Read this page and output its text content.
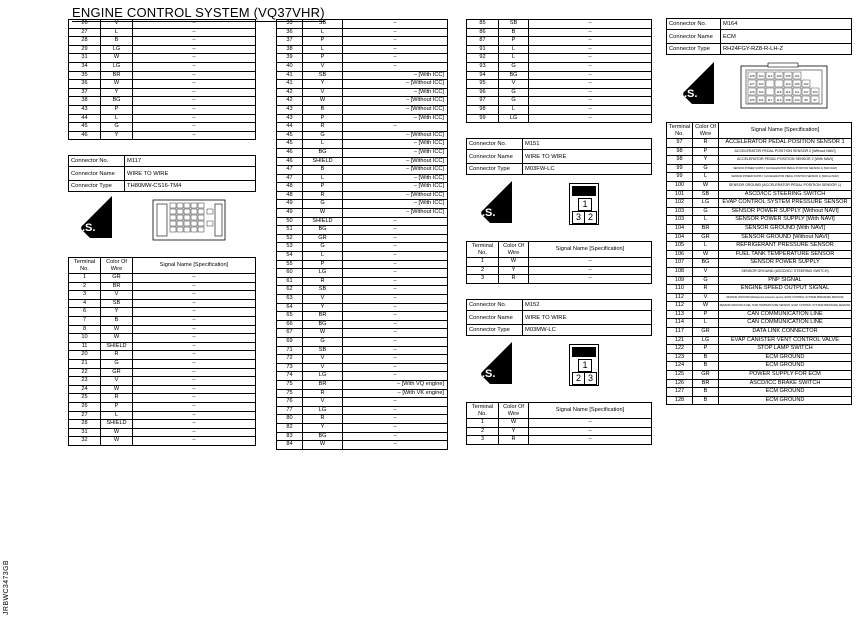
ENGINE CONTROL SYSTEM (VQ37VHR)
26	V	–
27	L	–
28	B	–
29	LG	–
31	W	–
34	LG	–
35	BR	–
36	W	–
37	Y	–
38	BG	–
43	P	–
44	L	–
45	G	–
46	Y	–
Connector No.	M117
Connector Name	WIRE TO WIRE
Connector Type	TH80MW-CS16-TM4
H.S.
Terminal No.	Color Of Wire	Signal Name [Specification]
1	GR	–
2	BR	–
3	V	–
4	SB	–
6	Y	–
7	B	–
8	W	–
10	W	–
11	SHIELD	–
20	R	–
21	G	–
22	GR	–
23	V	–
24	W	–
25	R	–
26	P	–
27	L	–
28	SHIELD	–
31	W	–
32	W	–
33	SB	–
36	L	–
37	P	–
38	L	–
39	P	–
40	V	–
41	SB	– [With ICC]
41	Y	– [Without ICC]
42	V	– [With ICC]
42	W	– [Without ICC]
43	B	– [Without ICC]
43	P	– [With ICC]
44	R	–
45	G	– [Without ICC]
45	L	– [With ICC]
46	BG	– [With ICC]
46	SHIELD	– [Without ICC]
47	B	– [Without ICC]
47	L	– [With ICC]
48	P	– [With ICC]
48	R	– [Without ICC]
49	G	– [With ICC]
49	W	– [Without ICC]
50	SHIELD	–
51	BG	–
52	GR	–
53	G	–
54	L	–
55	P	–
60	LG	–
61	R	–
62	SB	–
63	V	–
64	Y	–
65	BR	–
66	BG	–
67	W	–
69	G	–
71	SB	–
72	V	–
73	V	–
74	LG	–
75	BR	– [With VQ engine]
75	R	– [With VK engine]
76	V	–
77	LG	–
80	R	–
82	Y	–
83	BG	–
84	W	–
85	SB	–
86	B	–
87	P	–
91	L	–
92	L	–
93	G	–
94	BG	–
95	V	–
96	G	–
97	G	–
98	L	–
99	LG	–
Connector No.	M151
Connector Name	WIRE TO WIRE
Connector Type	M03FW-LC
H.S.
1
3 2
Terminal No.	Color Of Wire	Signal Name [Specification]
1	W	–
2	Y	–
3	R	–
Connector No.	M152
Connector Name	WIRE TO WIRE
Connector Type	M03MW-LC
H.S.
1
2 3
Terminal No.	Color Of Wire	Signal Name [Specification]
1	W	–
2	Y	–
3	R	–
Connector No.	M164
Connector Name	ECM
Connector Type	RH24FGY-RZ8-R-LH-Z
H.S.
128 124 112 109 105 101
127 123	110 106 102
126 122	118 114 111 107 103
125 121 117 113 108 104 99 97
Terminal No.	Color Of Wire	Signal Name [Specification]
97	R	ACCELERATOR PEDAL POSITION SENSOR 1
98	P	ACCELERATOR PEDAL POSITION SENSOR 2 [Without NAVI]
98	Y	ACCELERATOR PEDAL POSITION SENSOR 2 [With NAVI]
99	G	SENSOR POWER SUPPLY (ACCELERATOR PEDAL POSITION SENSOR 1) [With NAVI]
99	L	SENSOR POWER SUPPLY (ACCELERATOR PEDAL POSITION SENSOR 1) [Without NAVI]
100	W	SENSOR GROUND (ACCELERATOR PEDAL POSITION SENSOR 1)
101	SB	ASCD/ICC STEERING SWITCH
102	LG	EVAP CONTROL SYSTEM PRESSURE SENSOR
103	G	SENSOR POWER SUPPLY [Without NAVI]
103	L	SENSOR POWER SUPPLY [With NAVI]
104	BR	SENSOR GROUND [With NAVI]
104	GR	SENSOR GROUND [Without NAVI]
105	L	REFRIGERANT PRESSURE SENSOR
106	W	FUEL TANK TEMPERATURE SENSOR
107	BG	SENSOR POWER SUPPLY
108	V	SENSOR GROUND (ASCD/ICC STEERING SWITCH)
109	G	PNP SIGNAL
110	R	ENGINE SPEED OUTPUT SIGNAL
112	V	SENSOR GROUND (Refrigerant pressure sensor, EVAP CONTROL SYSTEM PRESSURE SENSOR)
112	W	SENSOR GROUND (FUEL TANK TEMPERATURE SENSOR, EVAP CONTROL SYSTEM PRESSURE SENSOR)
113	P	CAN COMMUNICATION LINE
114	L	CAN COMMUNICATION LINE
117	GR	DATA LINK CONNECTOR
121	LG	EVAP CANISTER VENT CONTROL VALVE
122	P	STOP LAMP SWITCH
123	B	ECM GROUND
124	B	ECM GROUND
125	GR	POWER SUPPLY FOR ECM
126	BR	ASCD/ICC BRAKE SWITCH
127	B	ECM GROUND
128	B	ECM GROUND
JRBWC3473GB
